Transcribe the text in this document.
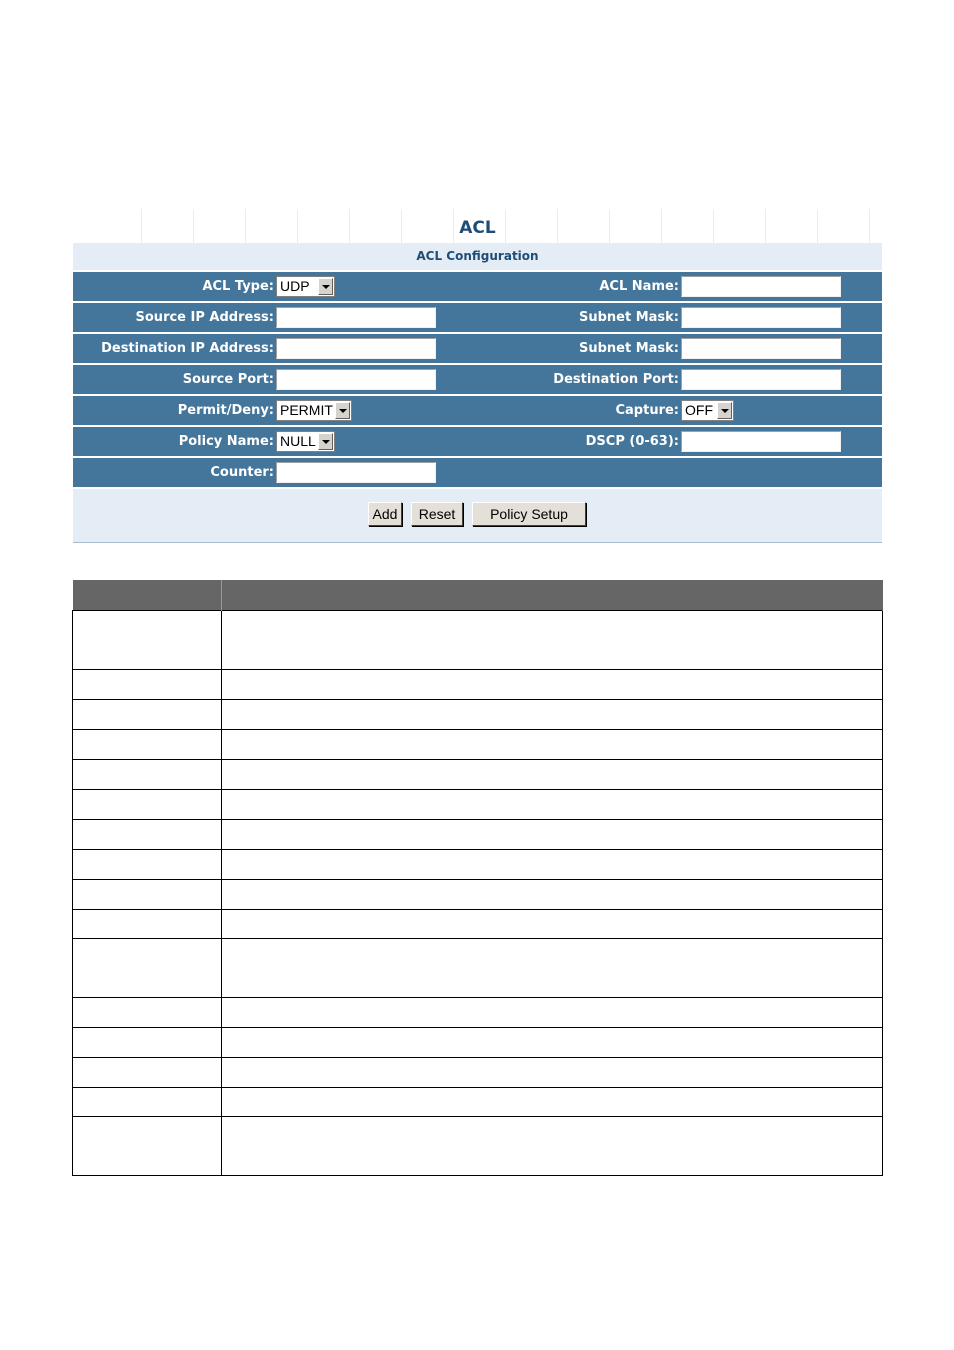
ACL
ACL Configuration
ACL Type: UDP	ACL Name:
Source IP Address:	Subnet Mask:
Destination IP Address:	Subnet Mask:
Source Port:	Destination Port:
Permit/Deny: PERMIT	Capture: OFF
Policy Name: NULL	DSCP (0-63):
Counter:
Add	Reset	Policy Setup
